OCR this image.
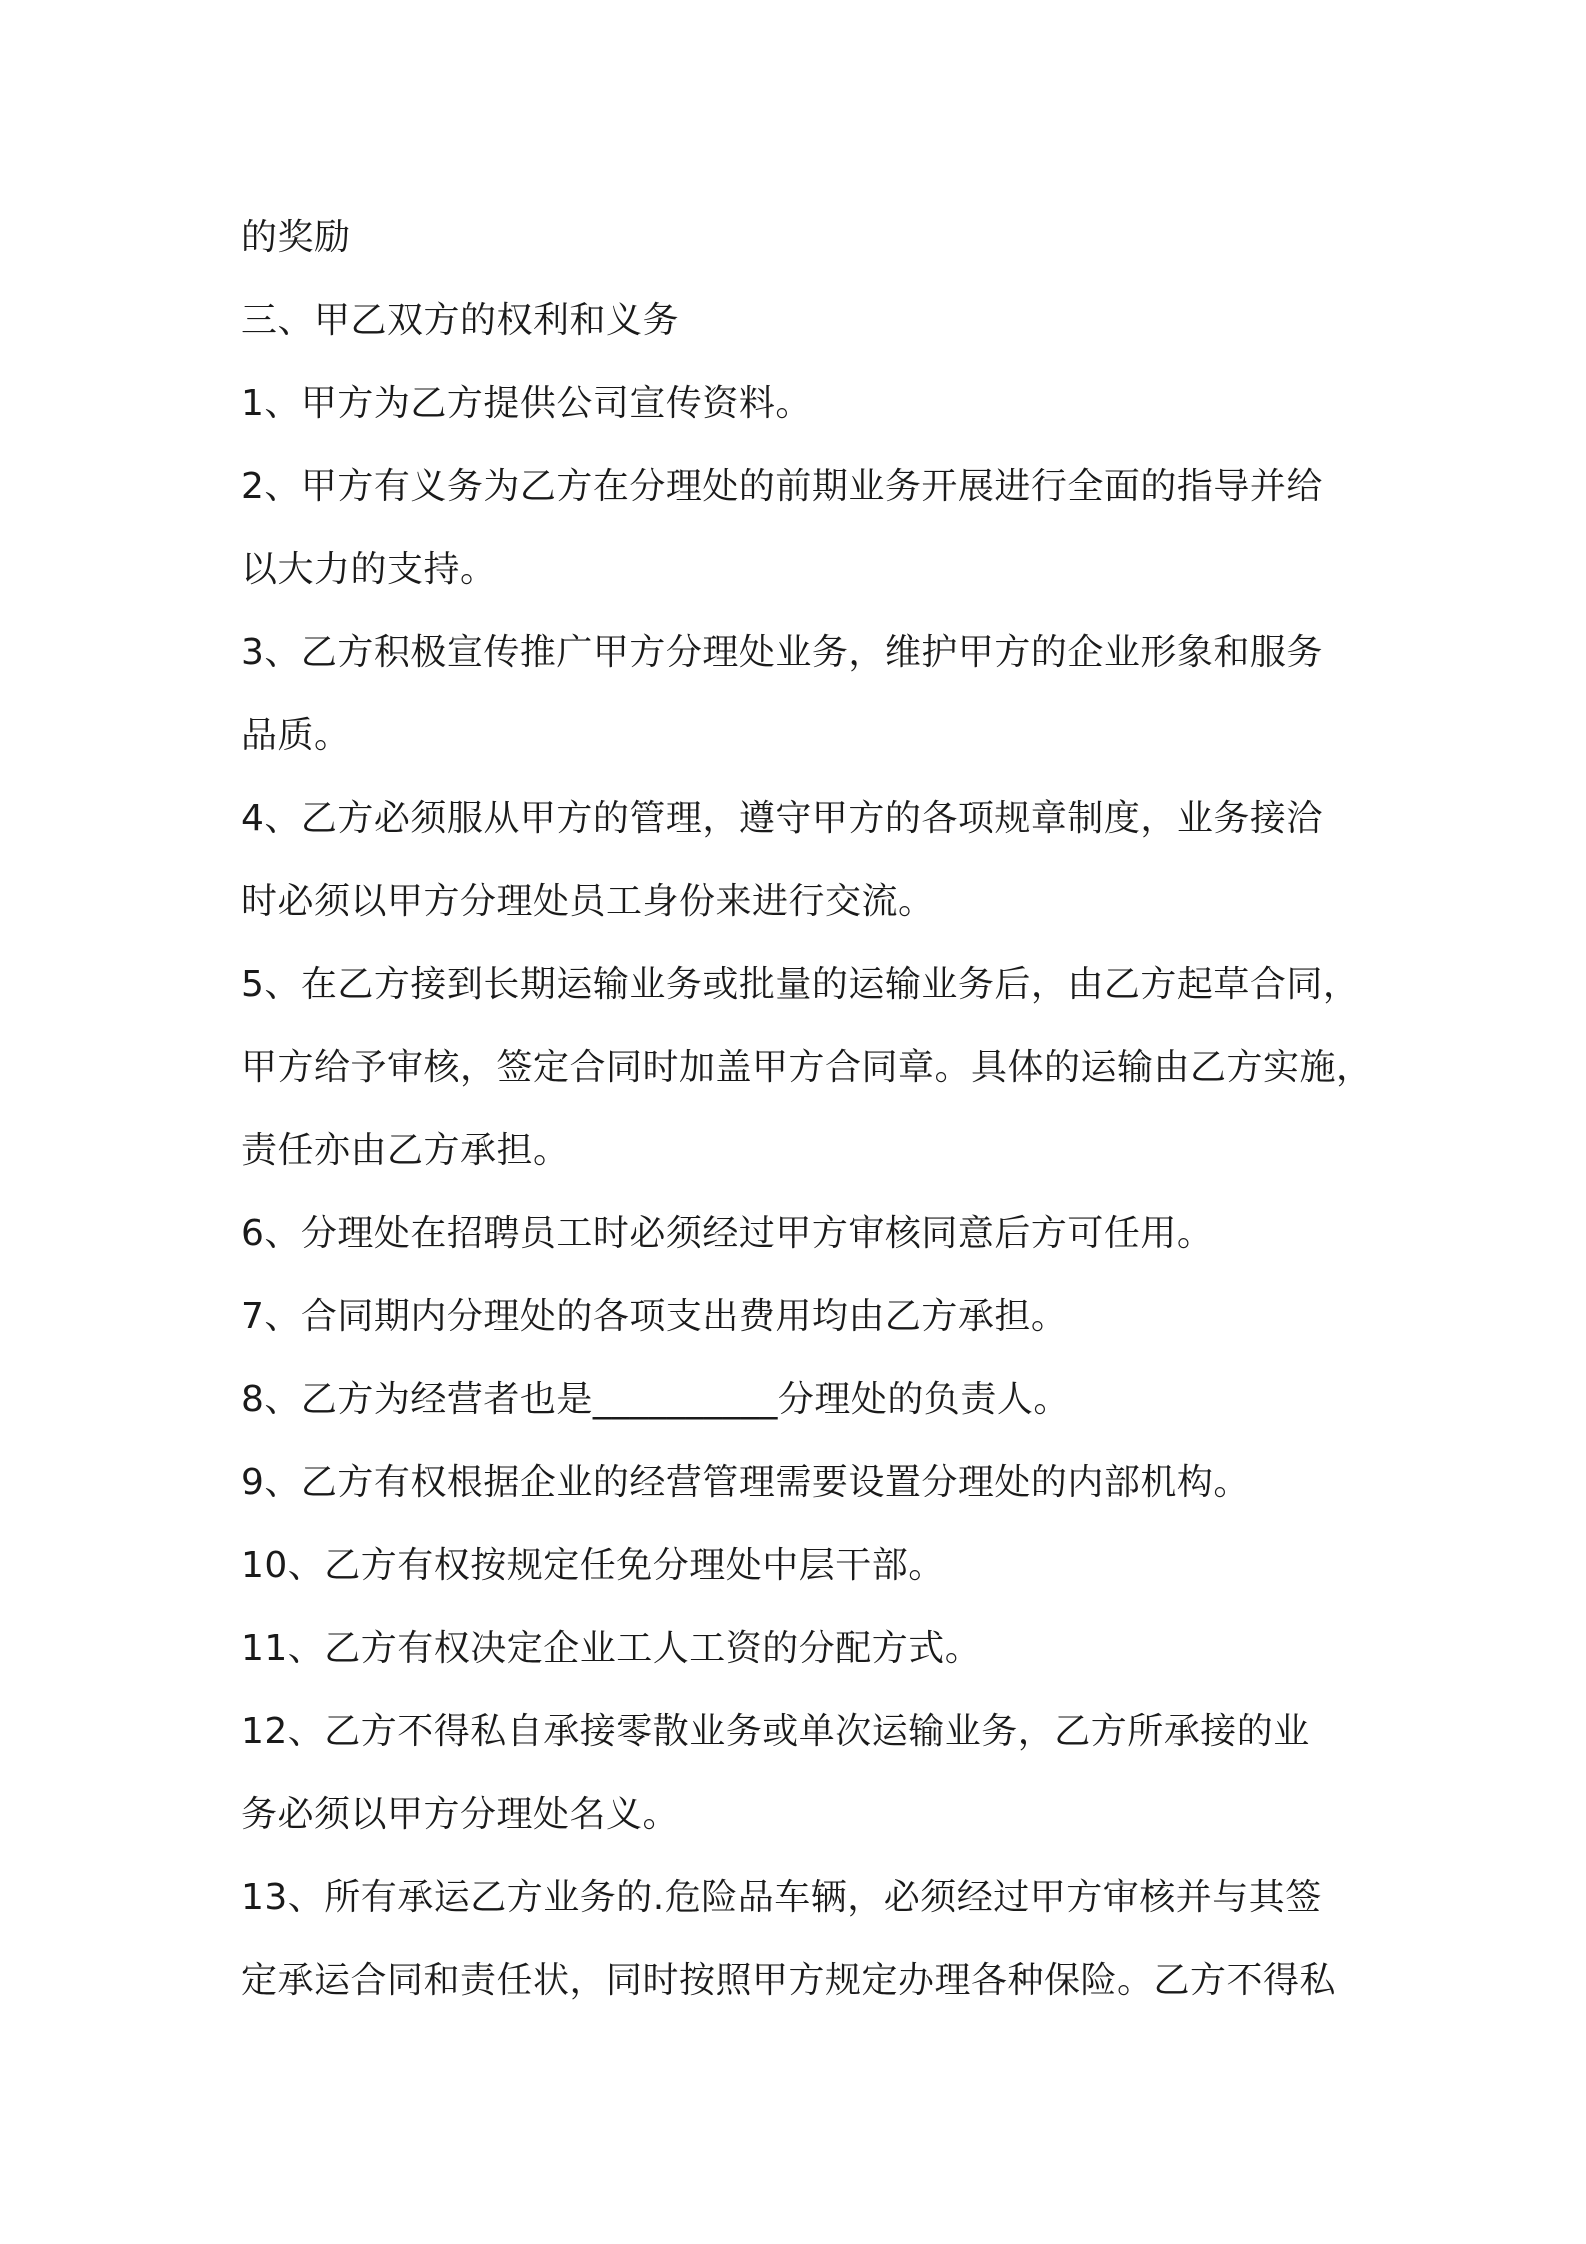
的奖励
三、甲乙双方的权利和义务
1、甲方为乙方提供公司宣传资料。
2、甲方有义务为乙方在分理处的前期业务开展进行全面的指导并给
以大力的支持。
3、乙方积极宣传推广甲方分理处业务，维护甲方的企业形象和服务
品质。
4、乙方必须服从甲方的管理，遵守甲方的各项规章制度，业务接洽
时必须以甲方分理处员工身份来进行交流。
5、在乙方接到长期运输业务或批量的运输业务后，由乙方起草合同，
甲方给予审核，签定合同时加盖甲方合同章。具体的运输由乙方实施，
责任亦由乙方承担。
6、分理处在招聘员工时必须经过甲方审核同意后方可任用。
7、合同期内分理处的各项支出费用均由乙方承担。
8、乙方为经营者也是__________分理处的负责人。
9、乙方有权根据企业的经营管理需要设置分理处的内部机构。
10、乙方有权按规定任免分理处中层干部。
11、乙方有权决定企业工人工资的分配方式。
12、乙方不得私自承接零散业务或单次运输业务，乙方所承接的业
务必须以甲方分理处名义。
13、所有承运乙方业务的.危险品车辆，必须经过甲方审核并与其签
定承运合同和责任状，同时按照甲方规定办理各种保险。乙方不得私
